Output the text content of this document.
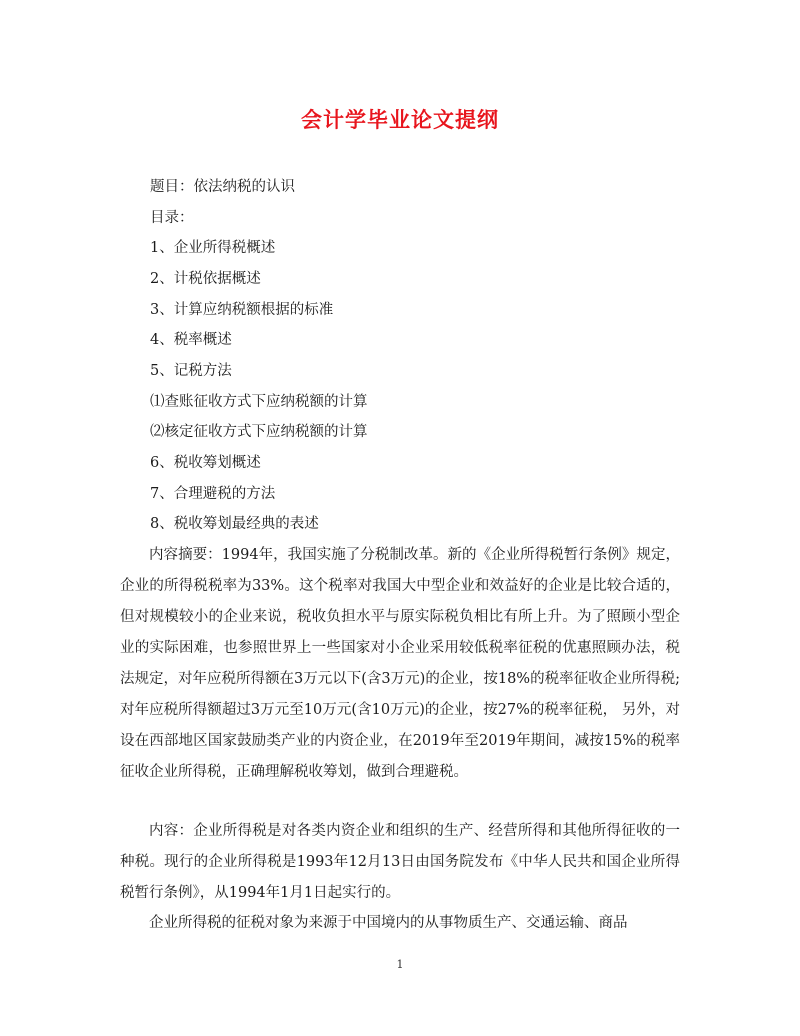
会计学毕业论文提纲
题目：依法纳税的认识
目录：
1、企业所得税概述
2、计税依据概述
3、计算应纳税额根据的标准
4、税率概述
5、记税方法
⑴查账征收方式下应纳税额的计算
⑵核定征收方式下应纳税额的计算
6、税收筹划概述
7、合理避税的方法
8、税收筹划最经典的表述

内容摘要：1994年，我国实施了分税制改革。新的《企业所得税暂行条例》规定，企业的所得税税率为33%。这个税率对我国大中型企业和效益好的企业是比较合适的，但对规模较小的企业来说，税收负担水平与原实际税负相比有所上升。为了照顾小型企业的实际困难，也参照世界上一些国家对小企业采用较低税率征税的优惠照顾办法，税法规定，对年应税所得额在3万元以下(含3万元)的企业，按18%的税率征收企业所得税;对年应税所得额超过3万元至10万元(含10万元)的企业，按27%的税率征税， 另外，对设在西部地区国家鼓励类产业的内资企业，在2019年至2019年期间，减按15%的税率征收企业所得税，正确理解税收筹划，做到合理避税。

内容：企业所得税是对各类内资企业和组织的生产、经营所得和其他所得征收的一种税。现行的企业所得税是1993年12月13日由国务院发布《中华人民共和国企业所得税暂行条例》，从1994年1月1日起实行的。

企业所得税的征税对象为来源于中国境内的从事物质生产、交通运输、商品

1
